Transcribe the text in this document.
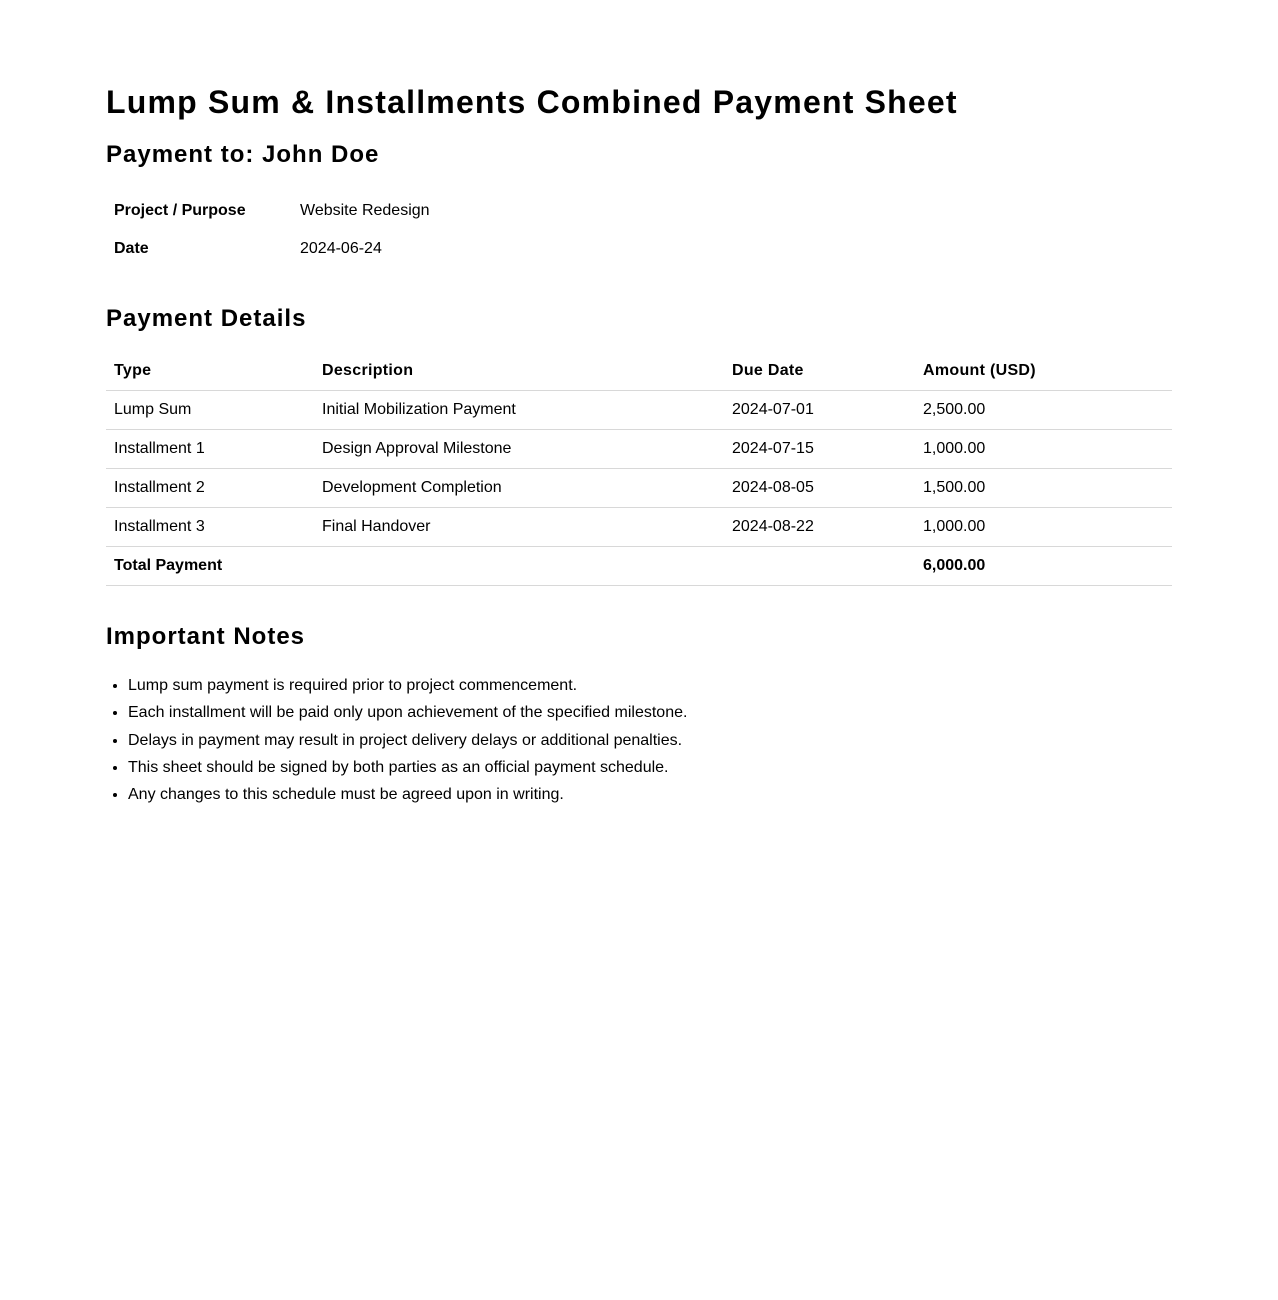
Lump Sum & Installments Combined Payment Sheet
Payment to: John Doe
Project / Purpose	Website Redesign
Date	2024-06-24
Payment Details
Type	Description	Due Date	Amount (USD)
Lump Sum	Initial Mobilization Payment	2024-07-01	2,500.00
Installment 1	Design Approval Milestone	2024-07-15	1,000.00
Installment 2	Development Completion	2024-08-05	1,500.00
Installment 3	Final Handover	2024-08-22	1,000.00
Total Payment			6,000.00
Important Notes
• Lump sum payment is required prior to project commencement.
• Each installment will be paid only upon achievement of the specified milestone.
• Delays in payment may result in project delivery delays or additional penalties.
• This sheet should be signed by both parties as an official payment schedule.
• Any changes to this schedule must be agreed upon in writing.
